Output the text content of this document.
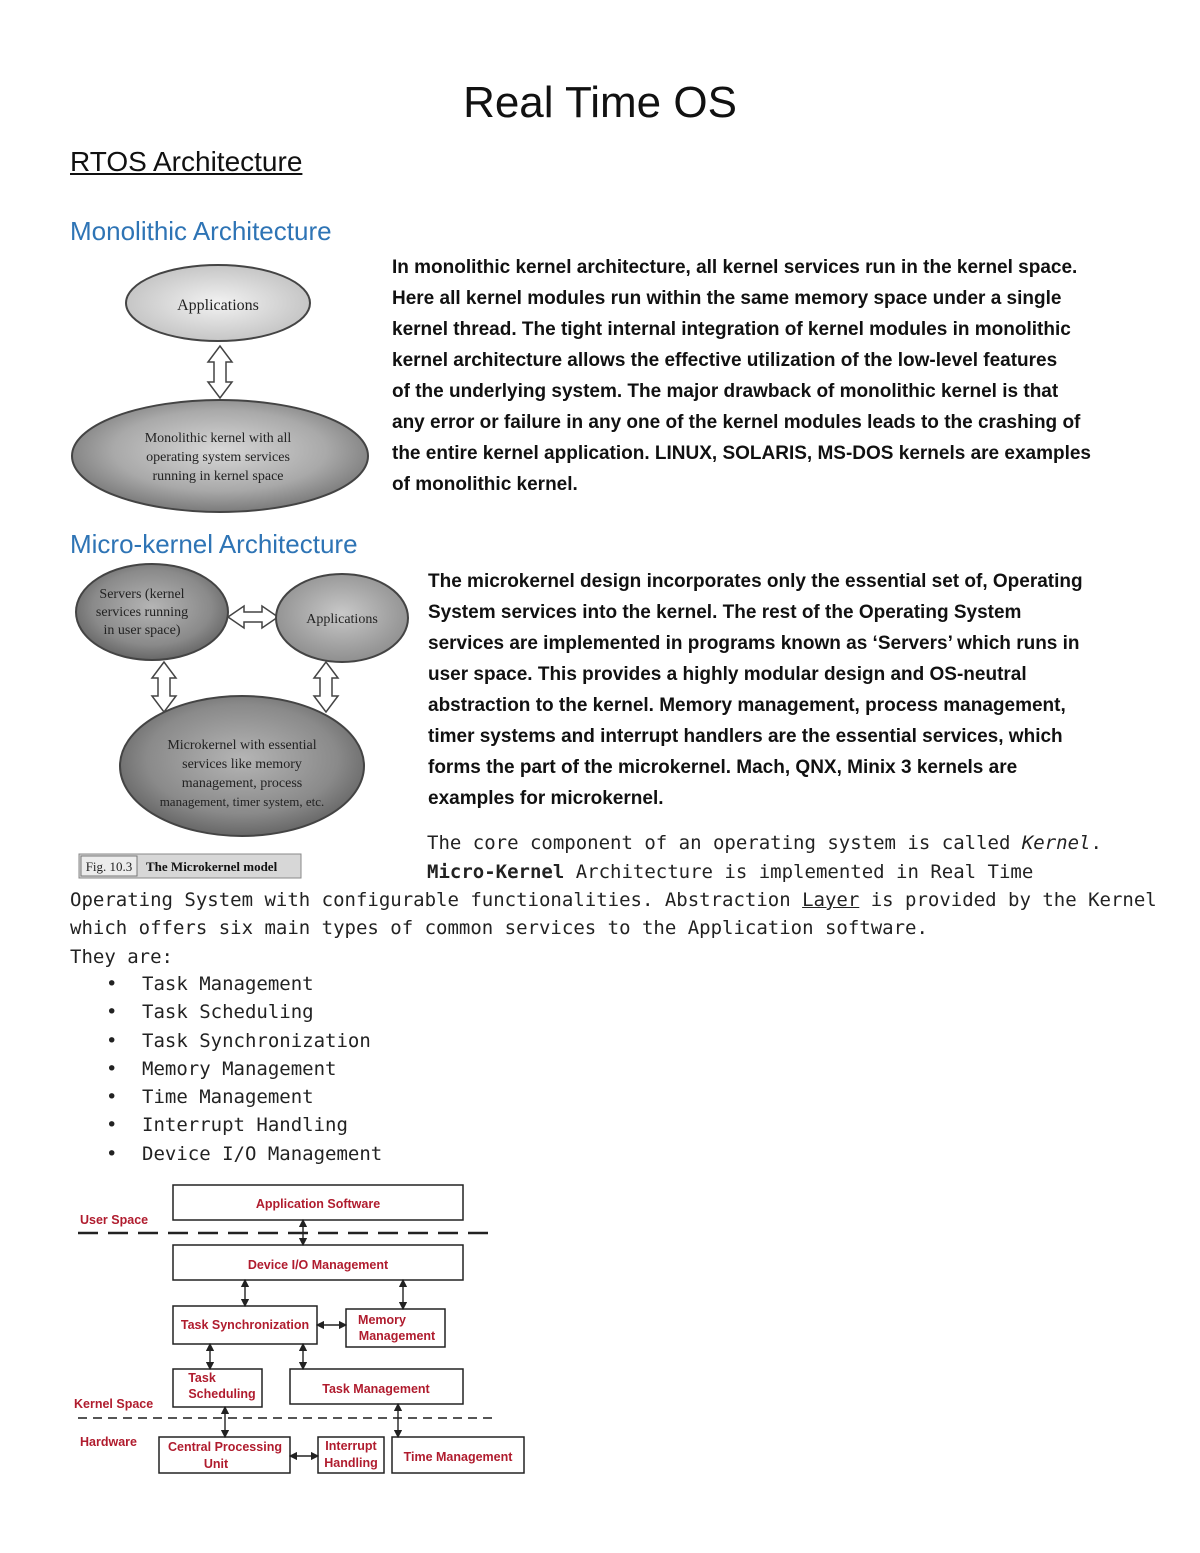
Real Time OS
RTOS Architecture
Monolithic Architecture
Applications
Monolithic kernel with all
operating system services
running in kernel space
In monolithic kernel architecture, all kernel services run in the kernel space.
Here all kernel modules run within the same memory space under a single
kernel thread. The tight internal integration of kernel modules in monolithic
kernel architecture allows the effective utilization of the low-level features
of the underlying system. The major drawback of monolithic kernel is that
any error or failure in any one of the kernel modules leads to the crashing of
the entire kernel application. LINUX, SOLARIS, MS-DOS kernels are examples
of monolithic kernel.
Micro-kernel Architecture
Servers (kernel
services running
in user space)
Applications
Microkernel with essential
services like memory
management, process
management, timer system, etc.
Fig. 10.3 The Microkernel model
The microkernel design incorporates only the essential set of, Operating
System services into the kernel. The rest of the Operating System
services are implemented in programs known as ‘Servers’ which runs in
user space. This provides a highly modular design and OS-neutral
abstraction to the kernel. Memory management, process management,
timer systems and interrupt handlers are the essential services, which
forms the part of the microkernel. Mach, QNX, Minix 3 kernels are
examples for microkernel.
The core component of an operating system is called Kernel.
Micro-Kernel Architecture is implemented in Real Time
Operating System with configurable functionalities. Abstraction Layer is provided by the Kernel
which offers six main types of common services to the Application software.
They are:
• Task Management
• Task Scheduling
• Task Synchronization
• Memory Management
• Time Management
• Interrupt Handling
• Device I/O Management
User Space
Kernel Space
Hardware
Application Software
Device I/O Management
Task Synchronization	Memory
Management
Task
Scheduling	Task Management
Central Processing
Unit
Interrupt
Handling Time Management
